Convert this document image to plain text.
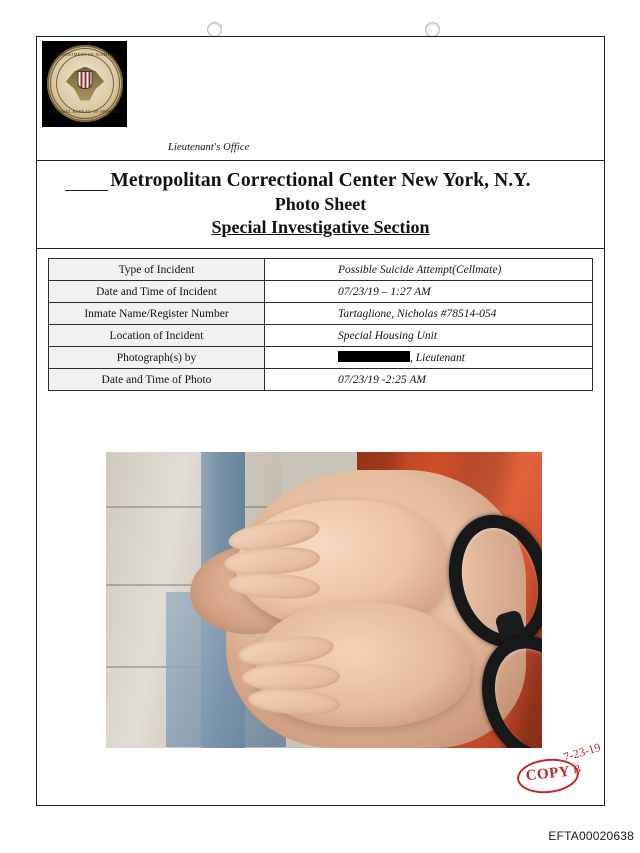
DEPARTMENT OF JUSTICE
FEDERAL BUREAU OF PRISONS
Lieutenant's Office
Metropolitan Correctional Center New York, N.Y.
Photo Sheet
Special Investigative Section
Type of Incident	Possible Suicide Attempt(Cellmate)
Date and Time of Incident	07/23/19 – 1:27 AM
Inmate Name/Register Number	Tartaglione, Nicholas #78514-054
Location of Incident	Special Housing Unit
Photograph(s) by	, Lieutenant
Date and Time of Photo	07/23/19 -2:25 AM
COPY
7-23-19
B
EFTA00020638
